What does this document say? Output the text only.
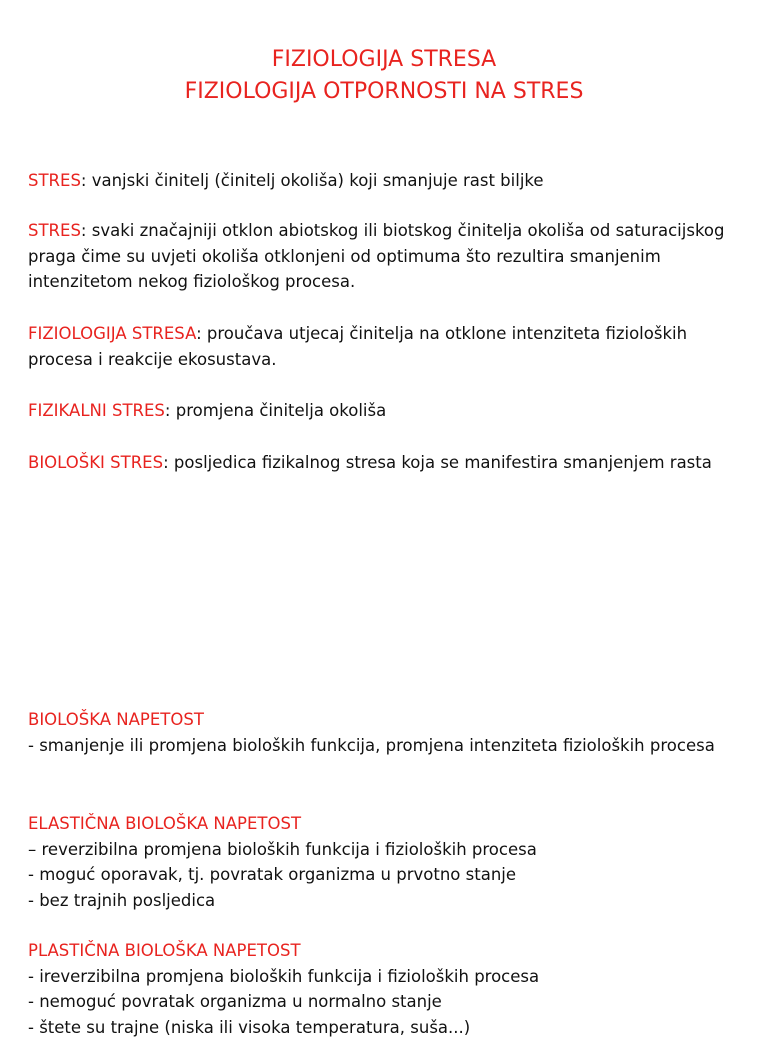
FIZIOLOGIJA STRESA
FIZIOLOGIJA OTPORNOSTI NA STRES
STRES: vanjski činitelj (činitelj okoliša) koji smanjuje rast biljke
STRES: svaki značajniji otklon abiotskog ili biotskog činitelja okoliša od saturacijskog praga čime su uvjeti okoliša otklonjeni od optimuma što rezultira smanjenim intenzitetom nekog fiziološkog procesa.
FIZIOLOGIJA STRESA: proučava utjecaj činitelja na otklone intenziteta fizioloških procesa i reakcije ekosustava.
FIZIKALNI STRES: promjena činitelja okoliša
BIOLOŠKI STRES: posljedica fizikalnog stresa koja se manifestira smanjenjem rasta
BIOLOŠKA NAPETOST
- smanjenje ili promjena bioloških funkcija, promjena intenziteta fizioloških procesa
ELASTIČNA BIOLOŠKA NAPETOST
– reverzibilna promjena bioloških funkcija i fizioloških procesa
- moguć oporavak, tj. povratak organizma u prvotno stanje
- bez trajnih posljedica
PLASTIČNA BIOLOŠKA NAPETOST
- ireverzibilna promjena bioloških funkcija i fizioloških procesa
- nemoguć povratak organizma u normalno stanje
- štete su trajne (niska ili visoka temperatura, suša...)
